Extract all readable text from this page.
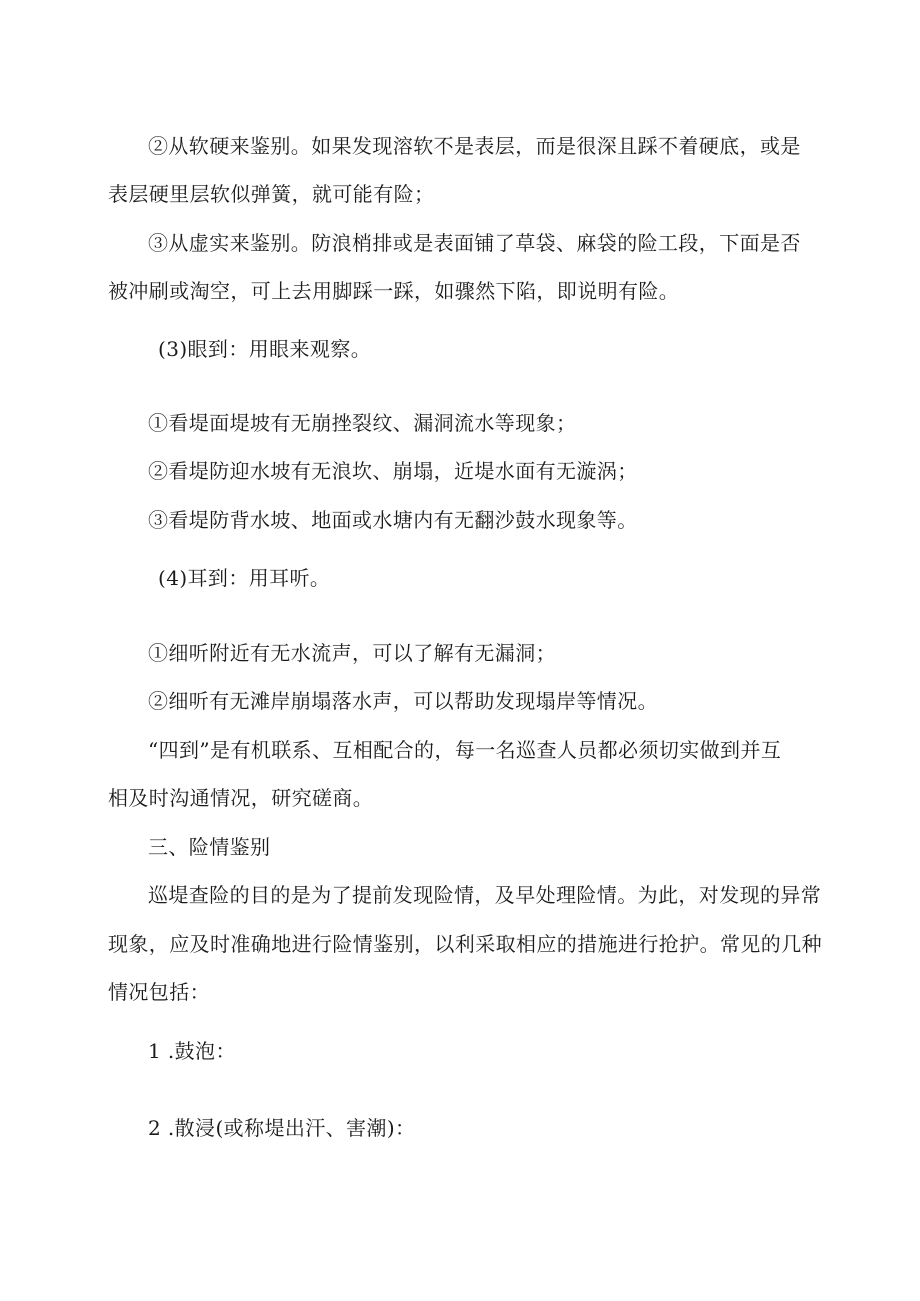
②从软硬来鉴别。如果发现溶软不是表层，而是很深且踩不着硬底，或是
表层硬里层软似弹簧，就可能有险；
③从虚实来鉴别。防浪梢排或是表面铺了草袋、麻袋的险工段，下面是否
被冲刷或淘空，可上去用脚踩一踩，如骤然下陷，即说明有险。
(3)眼到：用眼来观察。
①看堤面堤坡有无崩挫裂纹、漏洞流水等现象；
②看堤防迎水坡有无浪坎、崩塌，近堤水面有无漩涡；
③看堤防背水坡、地面或水塘内有无翻沙鼓水现象等。
(4)耳到：用耳听。
①细听附近有无水流声，可以了解有无漏洞；
②细听有无滩岸崩塌落水声，可以帮助发现塌岸等情况。
“四到”是有机联系、互相配合的，每一名巡查人员都必须切实做到并互
相及时沟通情况，研究磋商。
三、险情鉴别
巡堤查险的目的是为了提前发现险情，及早处理险情。为此，对发现的异常
现象，应及时准确地进行险情鉴别，以利采取相应的措施进行抢护。常见的几种
情况包括：
1 .鼓泡：
2 .散浸(或称堤出汗、害潮)：
